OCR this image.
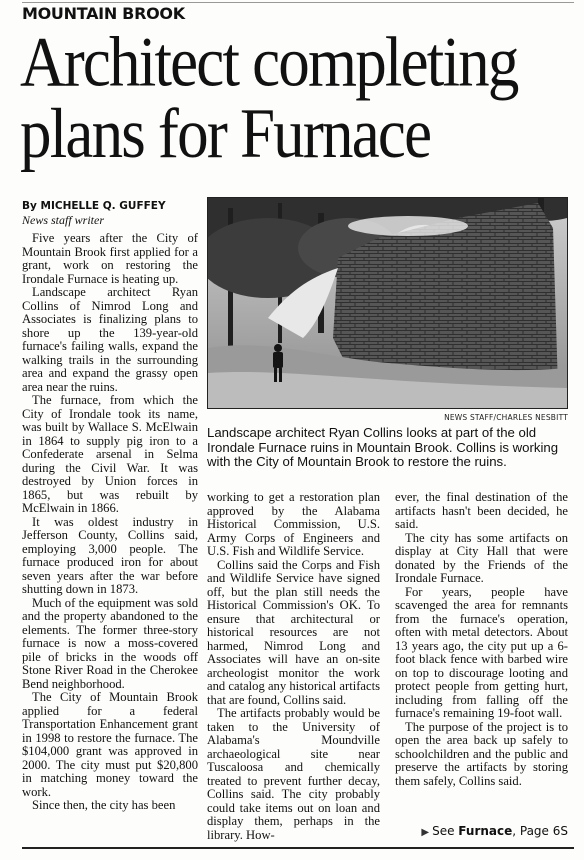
MOUNTAIN BROOK
Architect completing
plans for Furnace
By MICHELLE Q. GUFFEY
News staff writer
NEWS STAFF/CHARLES NESBITT
Landscape architect Ryan Collins looks at part of the old Irondale Furnace ruins in Mountain Brook. Collins is working with the City of Mountain Brook to restore the ruins.

Five years after the City of Mountain Brook first applied for a grant, work on restoring the Irondale Furnace is heating up.

Landscape architect Ryan Collins of Nimrod Long and Associates is finalizing plans to shore up the 139-year-old furnace's failing walls, expand the walking trails in the surrounding area and expand the grassy open area near the ruins.

The furnace, from which the City of Irondale took its name, was built by Wallace S. McElwain in 1864 to supply pig iron to a Confederate arsenal in Selma during the Civil War. It was destroyed by Union forces in 1865, but was rebuilt by McElwain in 1866.

It was oldest industry in Jefferson County, Collins said, employing 3,000 people. The furnace produced iron for about seven years after the war before shutting down in 1873.

Much of the equipment was sold and the property abandoned to the elements. The former three-story furnace is now a moss-covered pile of bricks in the woods off Stone River Road in the Cherokee Bend neighborhood.

The City of Mountain Brook applied for a federal Transportation Enhancement grant in 1998 to restore the furnace. The $104,000 grant was approved in 2000. The city must put $20,800 in matching money toward the work.

Since then, the city has been

working to get a restoration plan approved by the Alabama Historical Commission, U.S. Army Corps of Engineers and U.S. Fish and Wildlife Service.

Collins said the Corps and Fish and Wildlife Service have signed off, but the plan still needs the Historical Commission's OK. To ensure that architectural or historical resources are not harmed, Nimrod Long and Associates will have an on-site archeologist monitor the work and catalog any historical artifacts that are found, Collins said.

The artifacts probably would be taken to the University of Alabama's Moundville archaeological site near Tuscaloosa and chemically treated to prevent further decay, Collins said. The city probably could take items out on loan and display them, perhaps in the library. How-

ever, the final destination of the artifacts hasn't been decided, he said.

The city has some artifacts on display at City Hall that were donated by the Friends of the Irondale Furnace.

For years, people have scavenged the area for remnants from the furnace's operation, often with metal detectors. About 13 years ago, the city put up a 6-foot black fence with barbed wire on top to discourage looting and protect people from getting hurt, including from falling off the furnace's remaining 19-foot wall.

The purpose of the project is to open the area back up safely to schoolchildren and the public and preserve the artifacts by storing them safely, Collins said.

▶ See Furnace, Page 6S
